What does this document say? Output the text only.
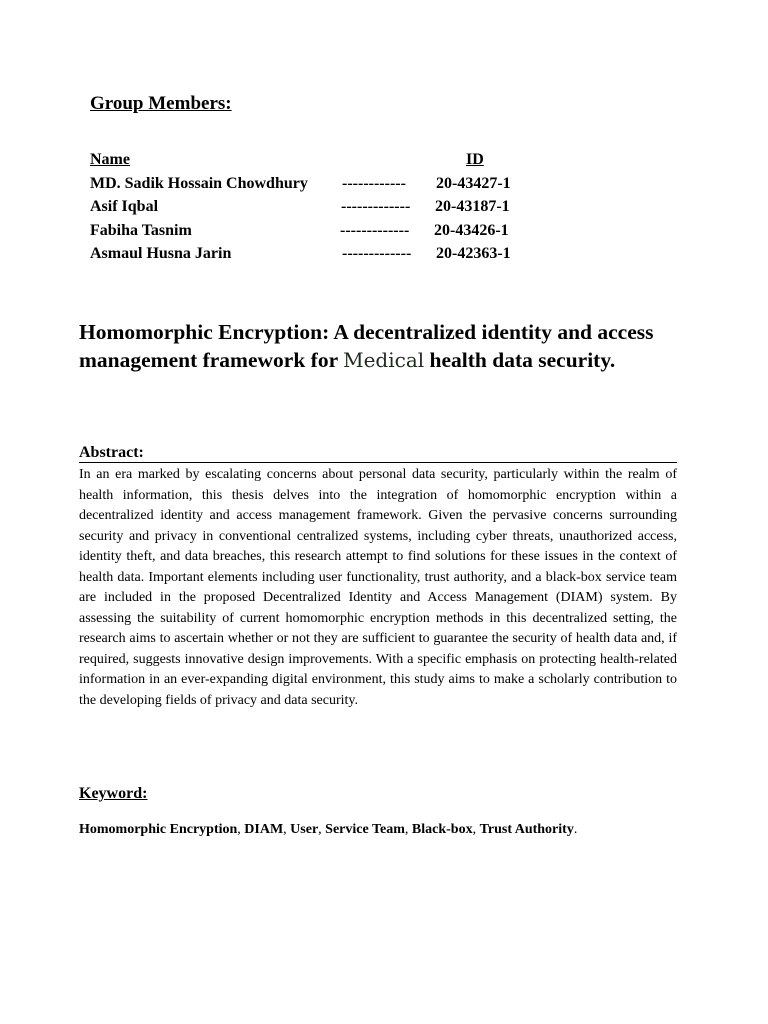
Group Members:
Name	ID
MD. Sadik Hossain Chowdhury ------------ 20-43427-1
Asif Iqbal	------------- 20-43187-1
Fabiha Tasnim	------------- 20-43426-1
Asmaul Husna Jarin	------------- 20-42363-1
Homomorphic Encryption: A decentralized identity and access management framework for Medical health data security.
Abstract:

In an era marked by escalating concerns about personal data security, particularly within the realm of health information, this thesis delves into the integration of homomorphic encryption within a decentralized identity and access management framework. Given the pervasive concerns surrounding security and privacy in conventional centralized systems, including cyber threats, unauthorized access, identity theft, and data breaches, this research attempt to find solutions for these issues in the context of health data. Important elements including user functionality, trust authority, and a black-box service team are included in the proposed Decentralized Identity and Access Management (DIAM) system. By assessing the suitability of current homomorphic encryption methods in this decentralized setting, the research aims to ascertain whether or not they are sufficient to guarantee the security of health data and, if required, suggests innovative design improvements. With a specific emphasis on protecting health-related information in an ever-expanding digital environment, this study aims to make a scholarly contribution to the developing fields of privacy and data security.

Keyword:
Homomorphic Encryption, DIAM, User, Service Team, Black-box, Trust Authority.
